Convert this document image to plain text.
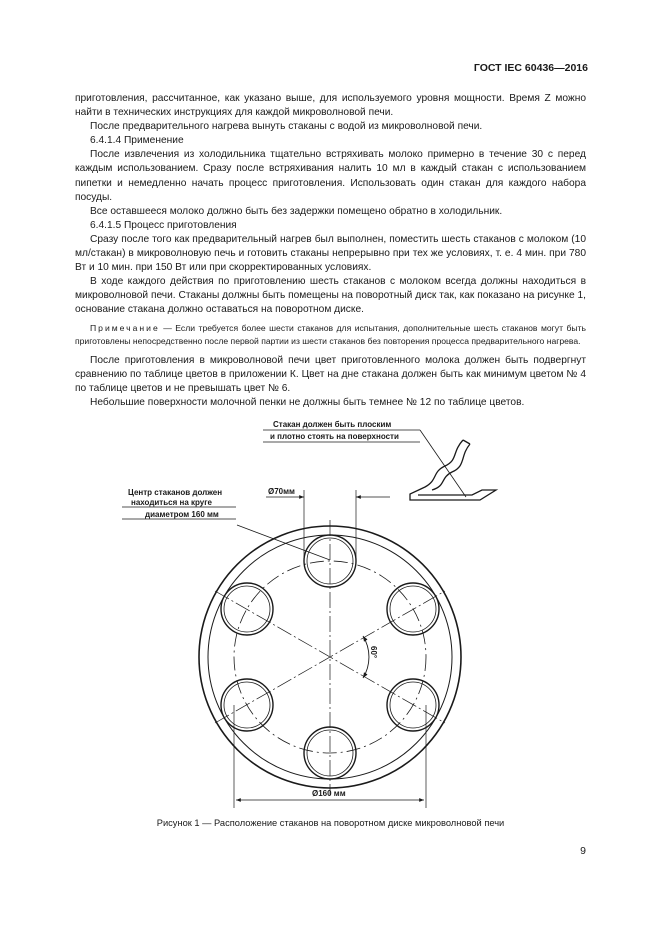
ГОСТ IEC 60436—2016

приготовления, рассчитанное, как указано выше, для используемого уровня мощности. Время Z можно найти в технических инструкциях для каждой микроволновой печи.

После предварительного нагрева вынуть стаканы с водой из микроволновой печи.

6.4.1.4 Применение

После извлечения из холодильника тщательно встряхивать молоко примерно в течение 30 с перед каждым использованием. Сразу после встряхивания налить 10 мл в каждый стакан с использованием пипетки и немедленно начать процесс приготовления. Использовать один стакан для каждого набора посуды.

Все оставшееся молоко должно быть без задержки помещено обратно в холодильник.

6.4.1.5 Процесс приготовления

Сразу после того как предварительный нагрев был выполнен, поместить шесть стаканов с молоком (10 мл/стакан) в микроволновую печь и готовить стаканы непрерывно при тех же условиях, т. е. 4 мин. при 780 Вт и 10 мин. при 150 Вт или при скорректированных условиях.

В ходе каждого действия по приготовлению шесть стаканов с молоком всегда должны находиться в микроволновой печи. Стаканы должны быть помещены на поворотный диск так, как показано на рисунке 1, основание стакана должно оставаться на поворотном диске.

Примечание — Если требуется более шести стаканов для испытания, дополнительные шесть стаканов могут быть приготовлены непосредственно после первой партии из шести стаканов без повторения процесса предварительного нагрева.

После приготовления в микроволновой печи цвет приготовленного молока должен быть подвергнут сравнению по таблице цветов в приложении К. Цвет на дне стакана должен быть как минимум цветом № 4 по таблице цветов и не превышать цвет № 6.

Небольшие поверхности молочной пенки не должны быть темнее № 12 по таблице цветов.

Стакан должен быть плоским
и плотно стоять на поверхности
Центр стаканов должен
находиться на круге
диаметром 160 мм
Ø70мм
Ø160 мм
60°
Рисунок 1 — Расположение стаканов на поворотном диске микроволновой печи
9
